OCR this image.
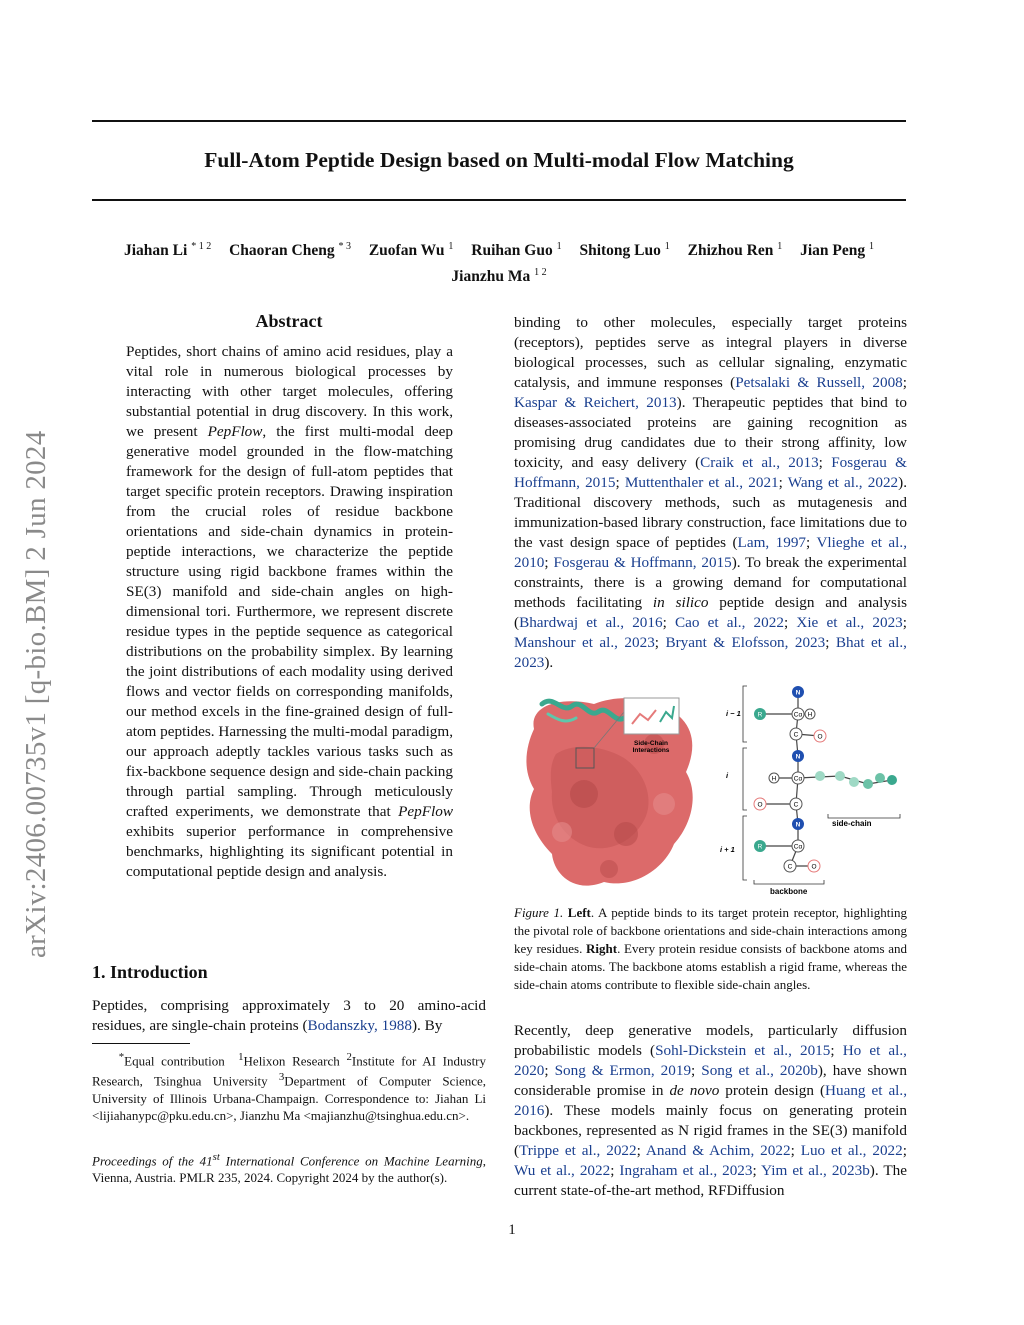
Full-Atom Peptide Design based on Multi-modal Flow Matching
Jiahan Li $^{* 1 2}$ Chaoran Cheng $^{* 3}$ Zuofan Wu $^1$ Ruihan Guo $^1$ Shitong Luo $^1$ Zhizhou Ren $^1$ Jian Peng $^1$
Jianzhu Ma $^{1 2}$
arXiv:2406.00735v1 [q-bio.BM] 2 Jun 2024
Abstract
Peptides, short chains of amino acid residues, play a vital role in numerous biological processes by interacting with other target molecules, offering substantial potential in drug discovery. In this work, we present PepFlow, the first multi-modal deep generative model grounded in the flow-matching framework for the design of full-atom peptides that target specific protein receptors. Drawing inspiration from the crucial roles of residue backbone orientations and side-chain dynamics in protein-peptide interactions, we characterize the peptide structure using rigid backbone frames within the SE(3) manifold and side-chain angles on high-dimensional tori. Furthermore, we represent discrete residue types in the peptide sequence as categorical distributions on the probability simplex. By learning the joint distributions of each modality using derived flows and vector fields on corresponding manifolds, our method excels in the fine-grained design of full-atom peptides. Harnessing the multi-modal paradigm, our approach adeptly tackles various tasks such as fix-backbone sequence design and side-chain packing through partial sampling. Through meticulously crafted experiments, we demonstrate that PepFlow exhibits superior performance in comprehensive benchmarks, highlighting its significant potential in computational peptide design and analysis.
1. Introduction
Peptides, comprising approximately 3 to 20 amino-acid residues, are single-chain proteins (Bodanszky, 1988). By
*Equal contribution $^1$Helixon Research $^2$Institute for AI Industry Research, Tsinghua University $^3$Department of Computer Science, University of Illinois Urbana-Champaign. Correspondence to: Jiahan Li <lijiahanypc@pku.edu.cn>, Jianzhu Ma <majianzhu@tsinghua.edu.cn>.
Proceedings of the 41st International Conference on Machine Learning, Vienna, Austria. PMLR 235, 2024. Copyright 2024 by the author(s).
binding to other molecules, especially target proteins (receptors), peptides serve as integral players in diverse biological processes, such as cellular signaling, enzymatic catalysis, and immune responses (Petsalaki & Russell, 2008; Kaspar & Reichert, 2013). Therapeutic peptides that bind to diseases-associated proteins are gaining recognition as promising drug candidates due to their strong affinity, low toxicity, and easy delivery (Craik et al., 2013; Fosgerau & Hoffmann, 2015; Muttenthaler et al., 2021; Wang et al., 2022). Traditional discovery methods, such as mutagenesis and immunization-based library construction, face limitations due to the vast design space of peptides (Lam, 1997; Vlieghe et al., 2010; Fosgerau & Hoffmann, 2015). To break the experimental constraints, there is a growing demand for computational methods facilitating in silico peptide design and analysis (Bhardwaj et al., 2016; Cao et al., 2022; Xie et al., 2023; Manshour et al., 2023; Bryant & Elofsson, 2023; Bhat et al., 2023).
Side-Chain
Interactions
i − 1
i
i + 1
N
R	Cα H
C	O
N
H	Cα
O	C
N
R	Cα
C	O
side-chain
backbone
Figure 1. Left. A peptide binds to its target protein receptor, highlighting the pivotal role of backbone orientations and side-chain interactions among key residues. Right. Every protein residue consists of backbone atoms and side-chain atoms. The backbone atoms establish a rigid frame, whereas the side-chain atoms contribute to flexible side-chain angles.
Recently, deep generative models, particularly diffusion probabilistic models (Sohl-Dickstein et al., 2015; Ho et al., 2020; Song & Ermon, 2019; Song et al., 2020b), have shown considerable promise in de novo protein design (Huang et al., 2016). These models mainly focus on generating protein backbones, represented as N rigid frames in the SE(3) manifold (Trippe et al., 2022; Anand & Achim, 2022; Luo et al., 2022; Wu et al., 2022; Ingraham et al., 2023; Yim et al., 2023b). The current state-of-the-art method, RFDiffusion
1
